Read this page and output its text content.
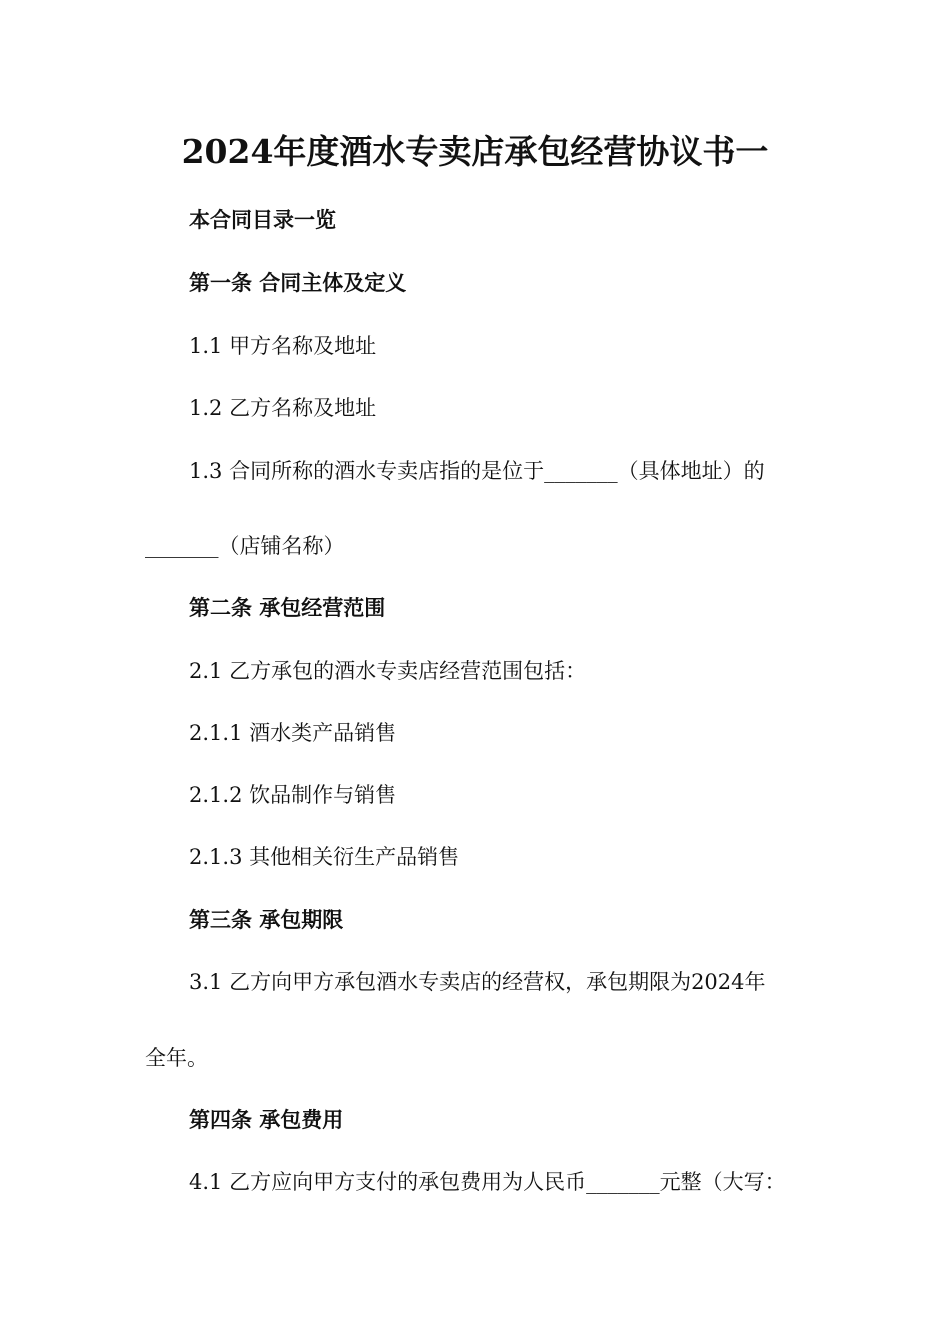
2024年度酒水专卖店承包经营协议书一

本合同目录一览

第一条 合同主体及定义

1.1 甲方名称及地址

1.2 乙方名称及地址

1.3 合同所称的酒水专卖店指的是位于_______（具体地址）的

_______（店铺名称）

第二条 承包经营范围

2.1 乙方承包的酒水专卖店经营范围包括：

2.1.1 酒水类产品销售

2.1.2 饮品制作与销售

2.1.3 其他相关衍生产品销售

第三条 承包期限

3.1 乙方向甲方承包酒水专卖店的经营权，承包期限为2024年

全年。

第四条 承包费用

4.1 乙方应向甲方支付的承包费用为人民币_______元整（大写：
